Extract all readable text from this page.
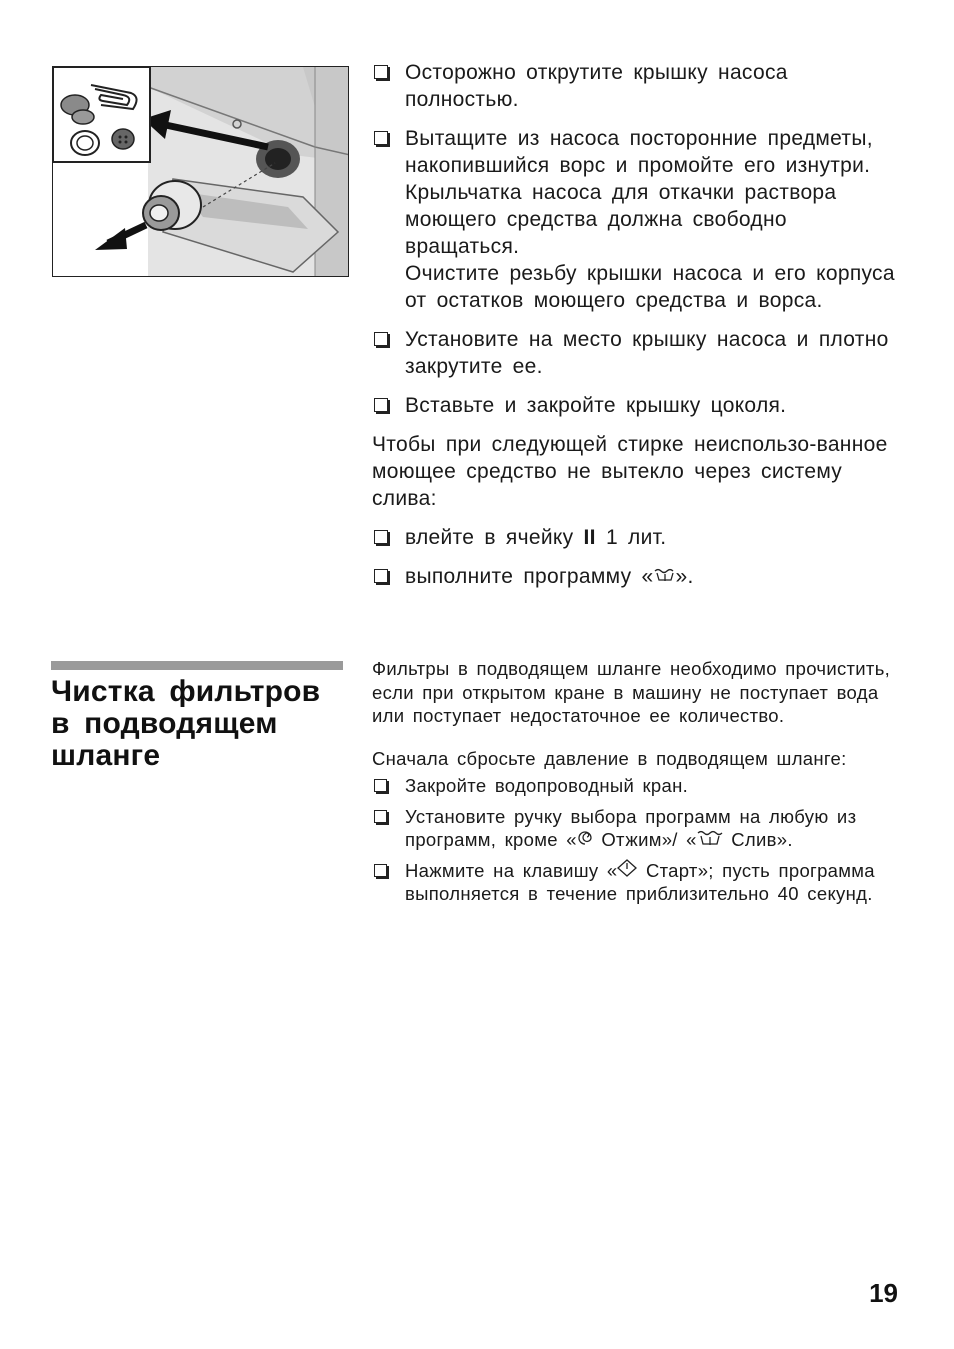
Осторожно открутите крышку насоса полностью.
Вытащите из насоса посторонние предметы, накопившийся ворс и промойте его изнутри. Крыльчатка насоса для откачки раствора моющего средства должна свободно вращаться.
Очистите резьбу крышки насоса и его корпуса от остатков моющего средства и ворса.
Установите на место крышку насоса и плотно закрутите ее.
Вставьте и закройте крышку цоколя.

Чтобы при следующей стирке неиспользо-ванное моющее средство не вытекло через систему слива:

влейте в ячейку II 1 лит.
выполните программу « ».
Чистка фильтров в подводящем шланге

Фильтры в подводящем шланге необходимо прочистить, если при открытом кране в машину не поступает вода или поступает недостаточное ее количество.

Сначала сбросьте давление в подводящем шланге:

Закройте водопроводный кран.
Установите ручку выбора программ на любую из программ, кроме « Отжим»/ « Слив».
Нажмите на клавишу « Старт»; пусть программа выполняется в течение приблизительно 40 секунд.
19
